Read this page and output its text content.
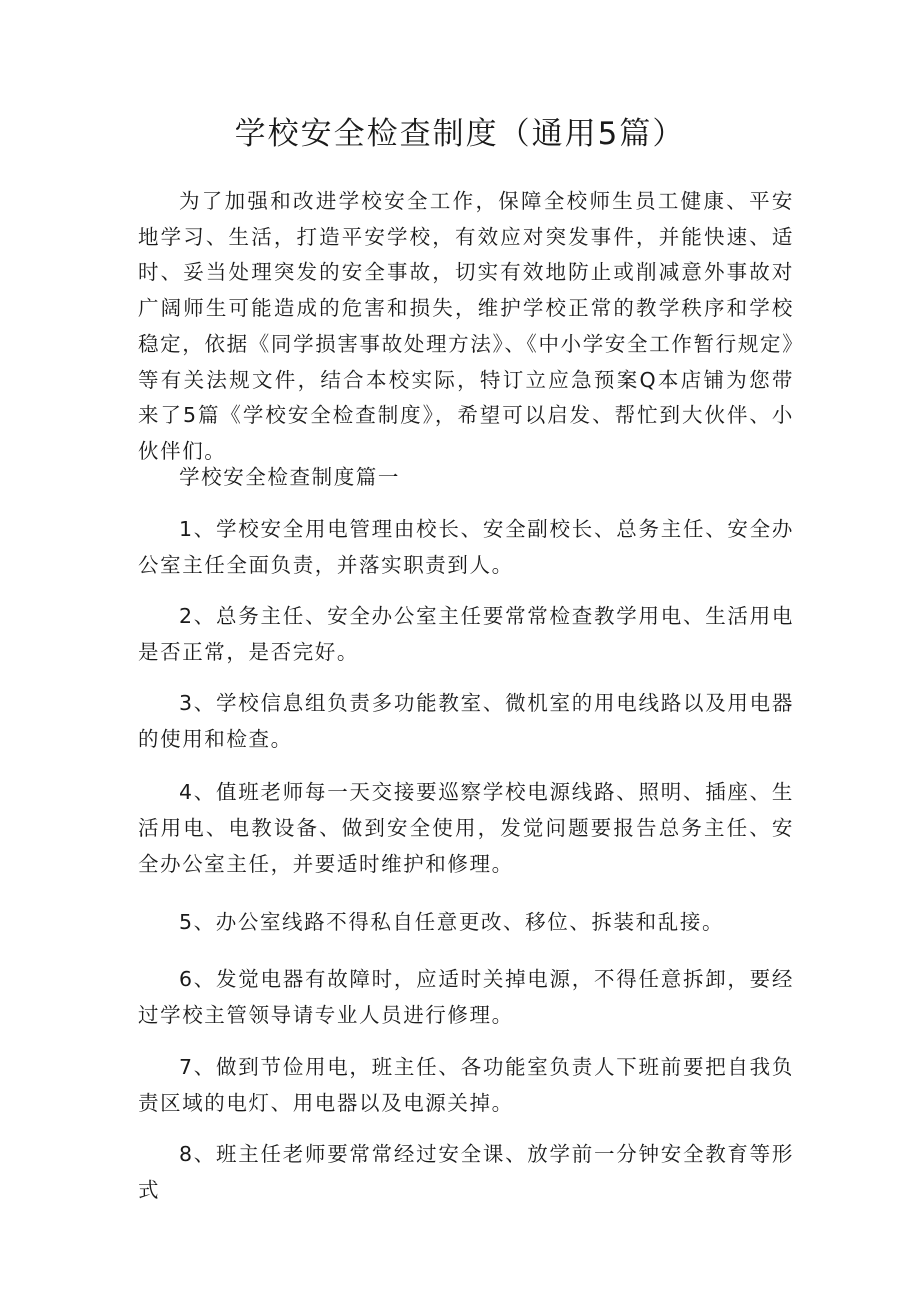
学校安全检查制度（通用5篇）

为了加强和改进学校安全工作，保障全校师生员工健康、平安地学习、生活，打造平安学校，有效应对突发事件，并能快速、适时、妥当处理突发的安全事故，切实有效地防止或削减意外事故对广阔师生可能造成的危害和损失，维护学校正常的教学秩序和学校稳定，依据《同学损害事故处理方法》、《中小学安全工作暂行规定》等有关法规文件，结合本校实际，特订立应急预案Q本店铺为您带来了5篇《学校安全检查制度》，希望可以启发、帮忙到大伙伴、小伙伴们。

学校安全检查制度篇一

1、学校安全用电管理由校长、安全副校长、总务主任、安全办公室主任全面负责，并落实职责到人。

2、总务主任、安全办公室主任要常常检查教学用电、生活用电是否正常，是否完好。

3、学校信息组负责多功能教室、微机室的用电线路以及用电器的使用和检查。

4、值班老师每一天交接要巡察学校电源线路、照明、插座、生活用电、电教设备、做到安全使用，发觉问题要报告总务主任、安全办公室主任，并要适时维护和修理。

5、办公室线路不得私自任意更改、移位、拆装和乱接。

6、发觉电器有故障时，应适时关掉电源，不得任意拆卸，要经过学校主管领导请专业人员进行修理。

7、做到节俭用电，班主任、各功能室负责人下班前要把自我负责区域的电灯、用电器以及电源关掉。

8、班主任老师要常常经过安全课、放学前一分钟安全教育等形式
